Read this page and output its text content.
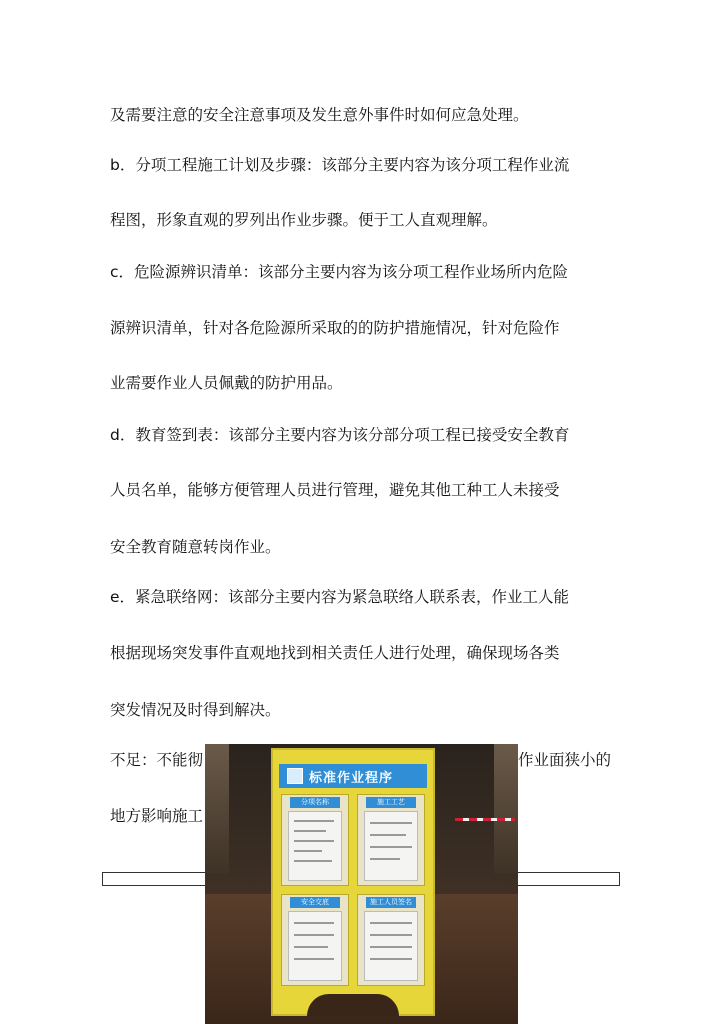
及需要注意的安全注意事项及发生意外事件时如何应急处理。
b．分项工程施工计划及步骤：该部分主要内容为该分项工程作业流
程图，形象直观的罗列出作业步骤。便于工人直观理解。
c．危险源辨识清单：该部分主要内容为该分项工程作业场所内危险
源辨识清单，针对各危险源所采取的的防护措施情况，针对危险作
业需要作业人员佩戴的防护用品。
d．教育签到表：该部分主要内容为该分部分项工程已接受安全教育
人员名单，能够方便管理人员进行管理，避免其他工种工人未接受
安全教育随意转岗作业。
e．紧急联络网：该部分主要内容为紧急联络人联系表，作业工人能
根据现场突发事件直观地找到相关责任人进行处理，确保现场各类
突发情况及时得到解决。
不足：不能彻	作业面狭小的
地方影响施工
标准作业程序
分项名称	施工工艺
安全交底	施工人员签名
